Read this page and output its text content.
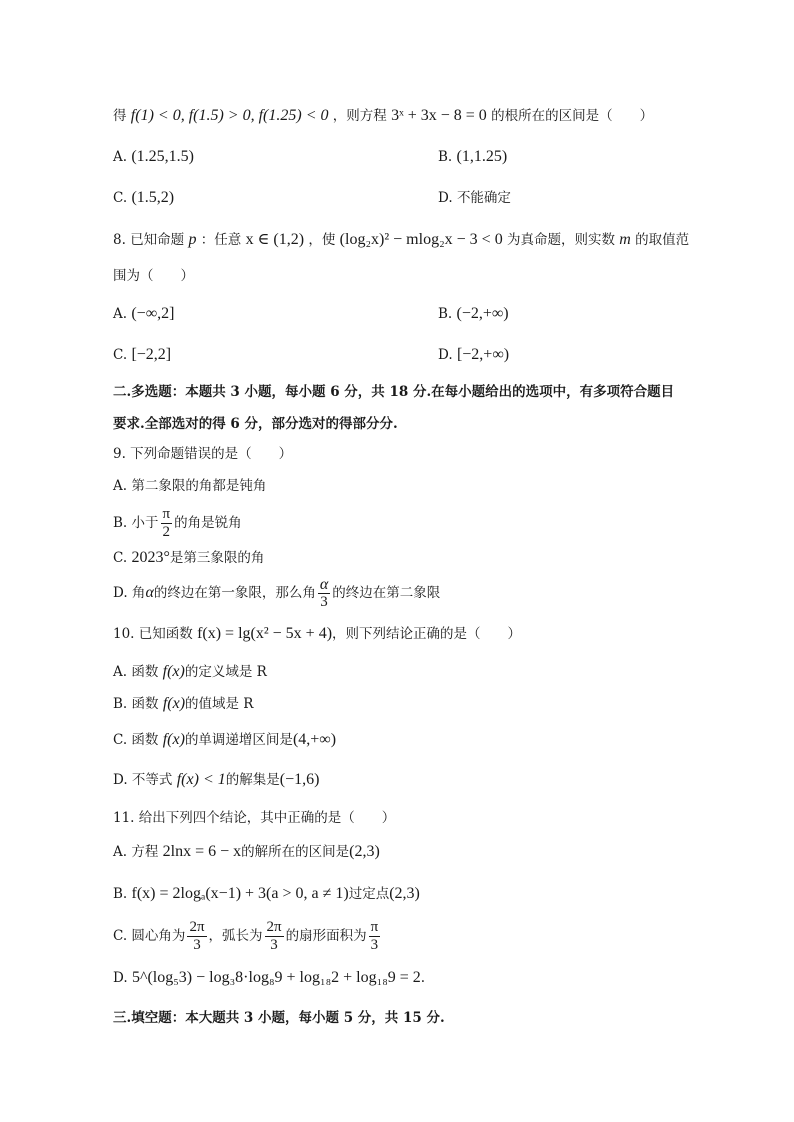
得 f(1) < 0, f(1.5) > 0, f(1.25) < 0 ，则方程 3ˣ + 3x − 8 = 0 的根所在的区间是（　　）
A. (1.25,1.5)	B. (1,1.25)
C. (1.5,2)	D. 不能确定
8. 已知命题 p ：任意 x ∈ (1,2) ，使 (log₂x)² − mlog₂x − 3 < 0 为真命题，则实数 m 的取值范
围为（　　）
A. (−∞,2]	B. (−2,+∞)
C. [−2,2]	D. [−2,+∞)
二.多选题：本题共 3 小题，每小题 6 分，共 18 分.在每小题给出的选项中，有多项符合题目
要求.全部选对的得 6 分，部分选对的得部分分.
9. 下列命题错误的是（　　）
A. 第二象限的角都是钝角
B. 小于 $\frac{\pi}{2}$ 的角是锐角
C. 2023°是第三象限的角
D. 角α的终边在第一象限，那么角 $\frac{\alpha}{3}$ 的终边在第二象限
10. 已知函数 f(x) = lg(x² − 5x + 4)，则下列结论正确的是（　　）
A. 函数 f(x)的定义域是 R
B. 函数 f(x)的值域是 R
C. 函数 f(x)的单调递增区间是(4,+∞)
D. 不等式 f(x) < 1的解集是(−1,6)
11. 给出下列四个结论，其中正确的是（　　）
A. 方程 2lnx = 6 − x的解所在的区间是(2,3)
B. f(x) = 2logₐ(x−1) + 3(a > 0, a ≠ 1)过定点(2,3)
C. 圆心角为 $\frac{2\pi}{3}$ ，弧长为 $\frac{2\pi}{3}$ 的扇形面积为 $\frac{\pi}{3}$
D. 5^(log₅3) − log₃8·log₈9 + log₁₈2 + log₁₈9 = 2.
三.填空题：本大题共 3 小题，每小题 5 分，共 15 分.
